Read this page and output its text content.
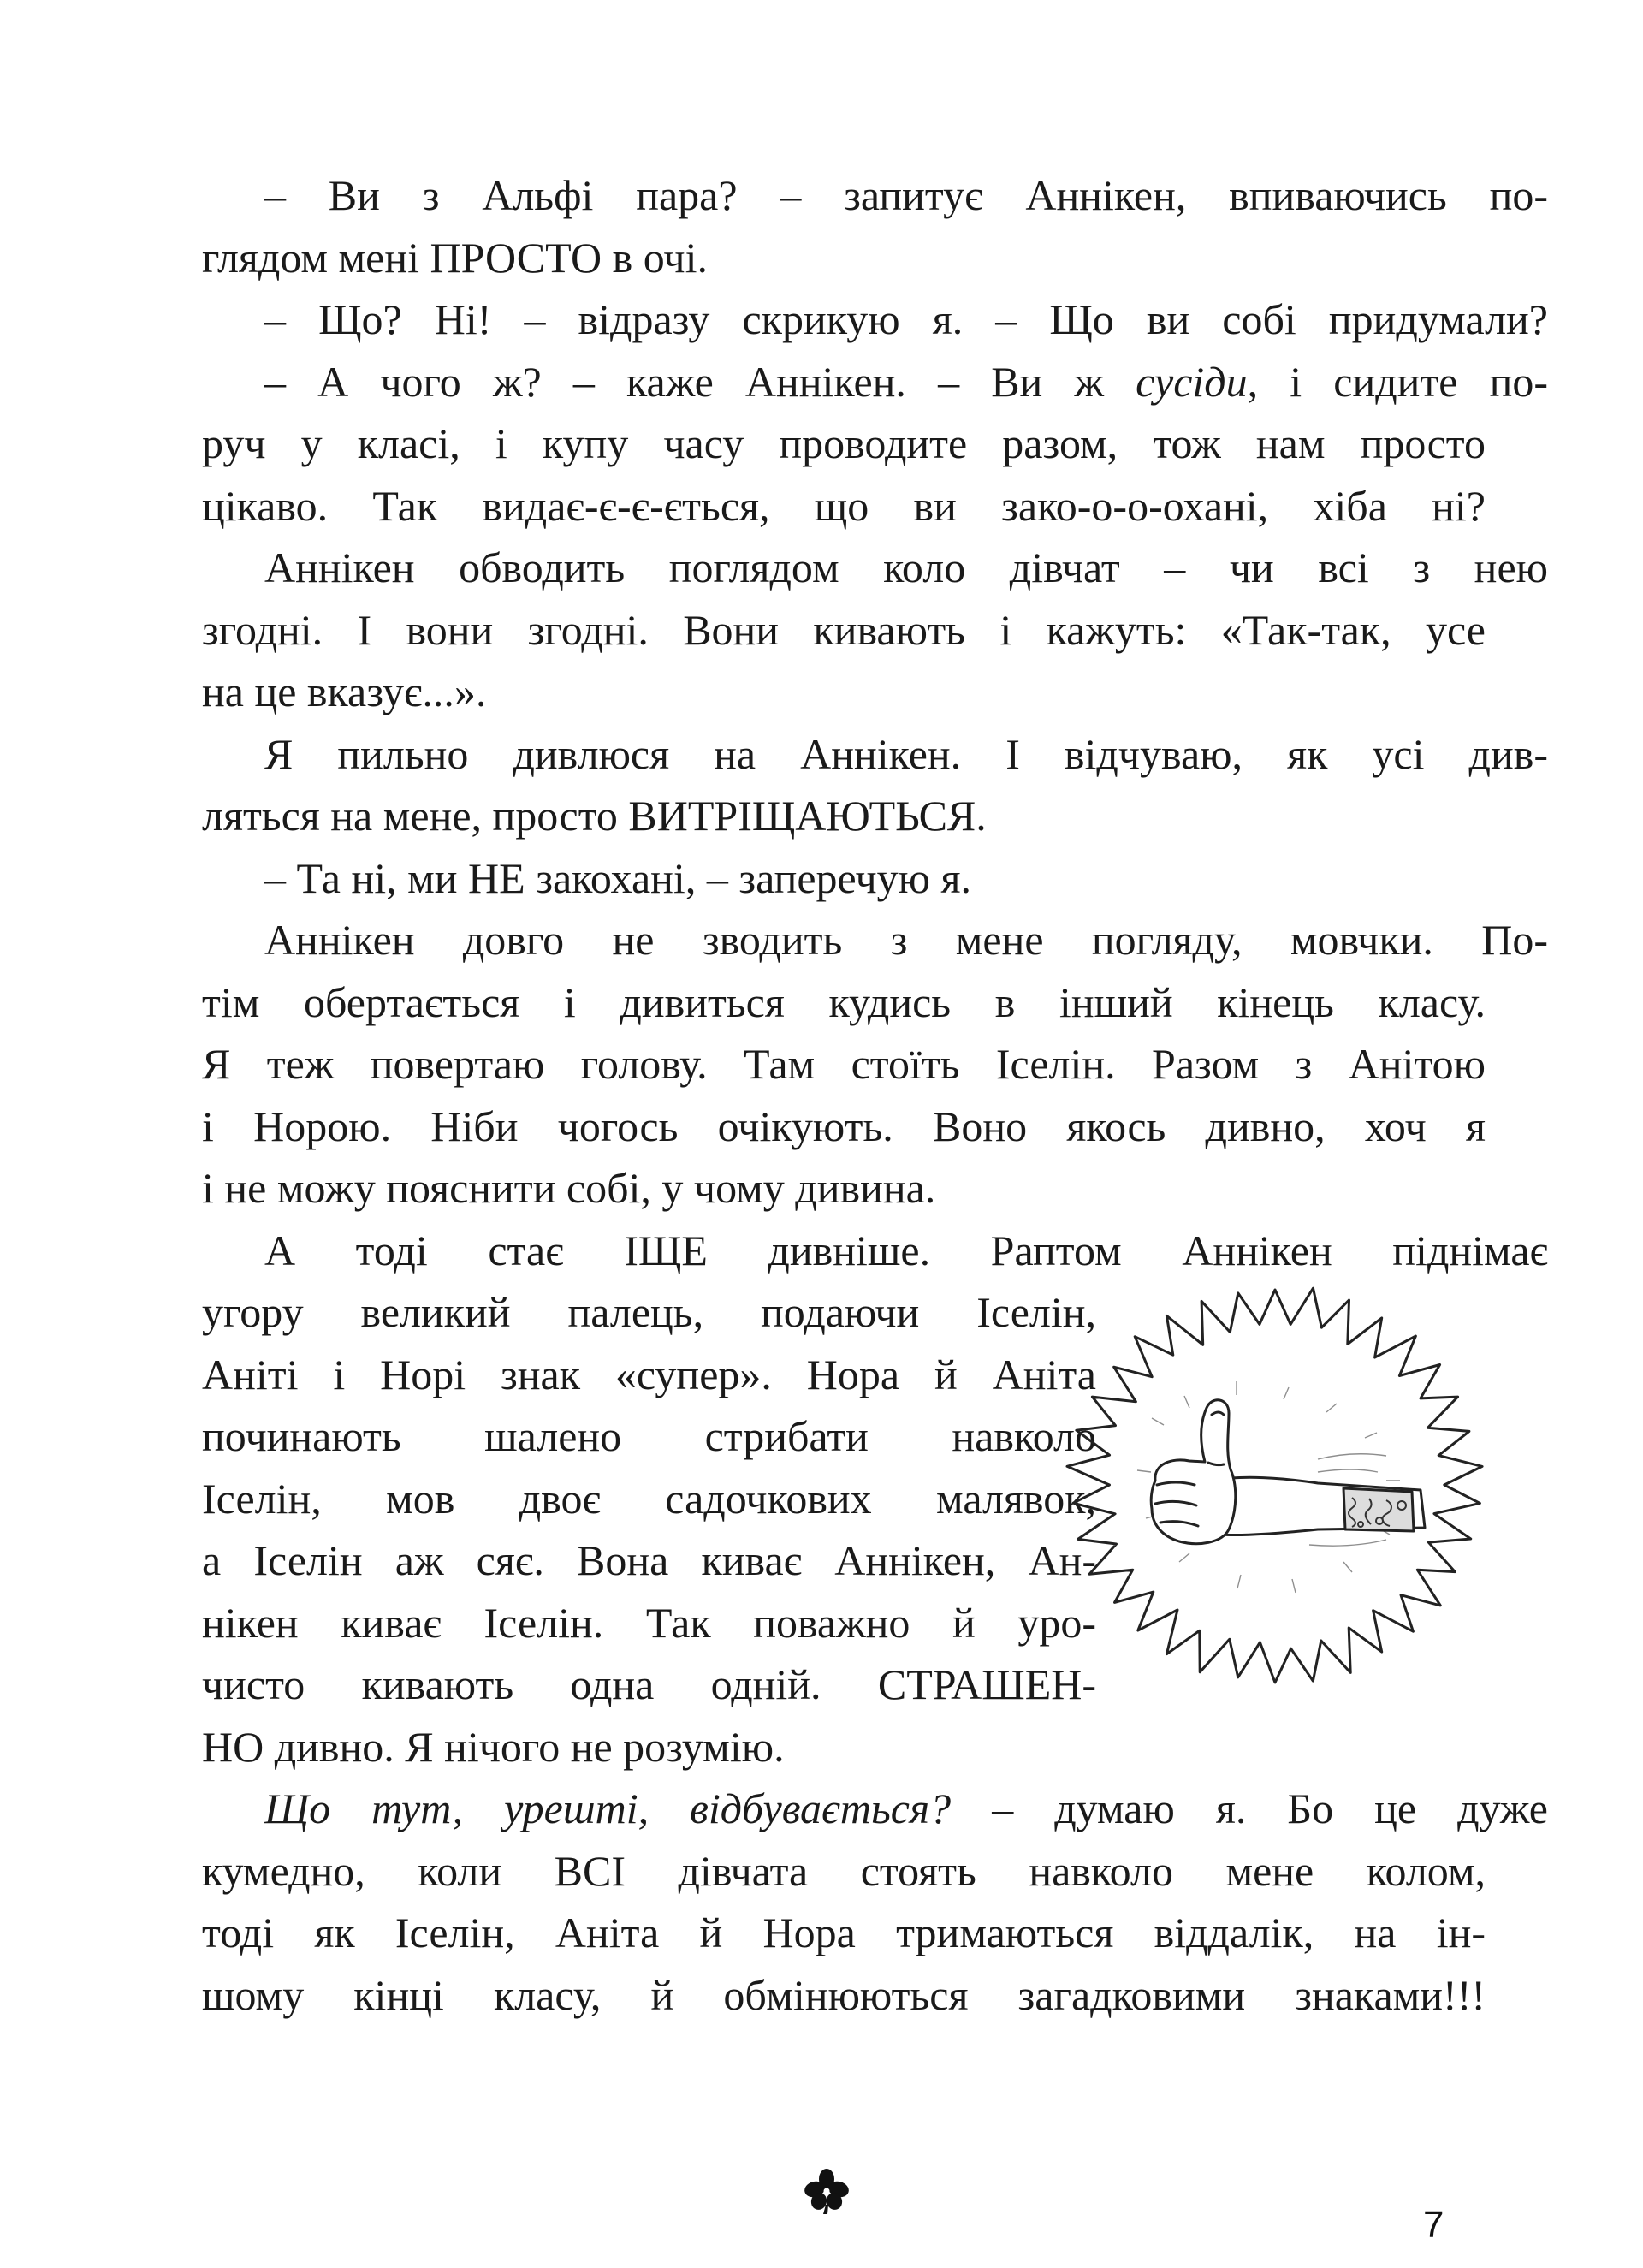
– Ви з Альфі пара? – запитує Аннікен, впиваючись по-
глядом мені ПРОСТО в очі.
– Що? Ні! – відразу скрикую я. – Що ви собі придумали?
– А чого ж? – каже Аннікен. – Ви ж сусіди, і сидите по-
руч у класі, і купу часу проводите разом, тож нам просто
цікаво. Так видає-є-є-ється, що ви зако-о-о-охані, хіба ні?
Аннікен обводить поглядом коло дівчат – чи всі з нею
згодні. І вони згодні. Вони кивають і кажуть: «Так-так, усе
на це вказує...».
Я пильно дивлюся на Аннікен. І відчуваю, як усі див-
ляться на мене, просто ВИТРІЩАЮТЬСЯ.
– Та ні, ми НЕ закохані, – заперечую я.
Аннікен довго не зводить з мене погляду, мовчки. По-
тім обертається і дивиться кудись в інший кінець класу.
Я теж повертаю голову. Там стоїть Іселін. Разом з Анітою
і Норою. Ніби чогось очікують. Воно якось дивно, хоч я
і не можу пояснити собі, у чому дивина.
А тоді стає ІЩЕ дивніше. Раптом Аннікен піднімає
угору великий палець, подаючи Іселін,
Аніті і Норі знак «супер». Нора й Аніта
починають шалено стрибати навколо
Іселін, мов двоє садочкових малявок,
а Іселін аж сяє. Вона киває Аннікен, Ан-
нікен киває Іселін. Так поважно й уро-
чисто кивають одна одній. СТРАШЕН-
НО дивно. Я нічого не розумію.
Що тут, урешті, відбувається? – думаю я. Бо це дуже
кумедно, коли ВСІ дівчата стоять навколо мене колом,
тоді як Іселін, Аніта й Нора тримаються віддалік, на ін-
шому кінці класу, й обмінюються загадковими знаками!!!
7
